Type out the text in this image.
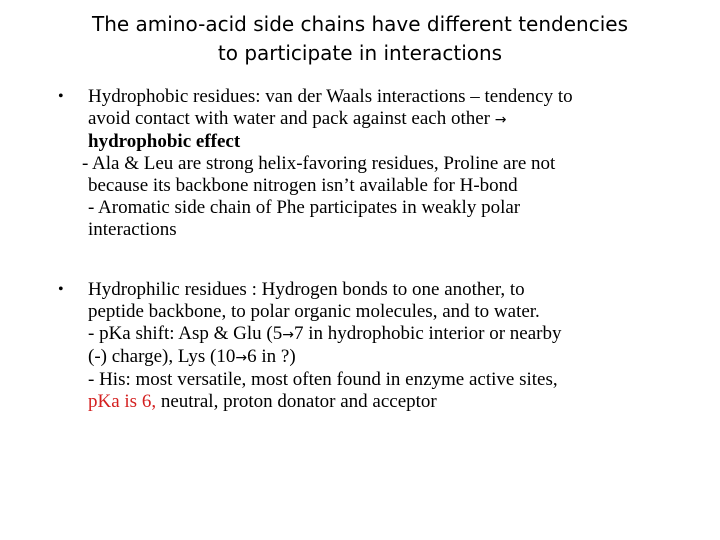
The amino-acid side chains have different tendencies
to participate in interactions
• Hydrophobic residues: van der Waals interactions – tendency to
avoid contact with water and pack against each other →
hydrophobic effect
- Ala & Leu are strong helix-favoring residues, Proline are not
because its backbone nitrogen isn’t available for H-bond
- Aromatic side chain of Phe participates in weakly polar
interactions
• Hydrophilic residues : Hydrogen bonds to one another, to
peptide backbone, to polar organic molecules, and to water.
- pKa shift: Asp & Glu (5→7 in hydrophobic interior or nearby
(-) charge), Lys (10→6 in ?)
- His: most versatile, most often found in enzyme active sites,
pKa is 6, neutral, proton donator and acceptor
